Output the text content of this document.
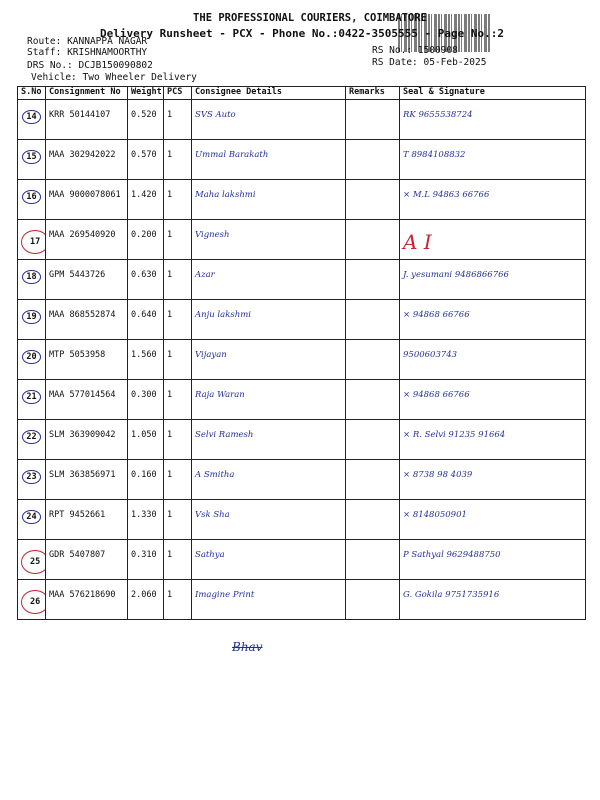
THE PROFESSIONAL COURIERS, COIMBATORE
Delivery Runsheet - PCX - Phone No.:0422-3505555 - Page No.:2
Route: KANNAPPA NAGAR
Staff: KRISHNAMOORTHY
DRS No.: DCJB150090802
Vehicle: Two Wheeler Delivery
RS No.: 1500908
RS Date: 05-Feb-2025
S.No	Consignment No	Weight	PCS	Consignee Details	Remarks	Seal & Signature
14	KRR 50144107	0.520	1	SVS Auto		RK 9655538724
15	MAA 302942022	0.570	1	Ummal Barakath		T 8984108832
16	MAA 9000078061	1.420	1	Maha lakshmi		× M.L 94863 66766
17	MAA 269540920	0.200	1	Vignesh		A I
18	GPM 5443726	0.630	1	Azar		J. yesumani 9486866766
19	MAA 868552874	0.640	1	Anju lakshmi		× 94868 66766
20	MTP 5053958	1.560	1	Vijayan		9500603743
21	MAA 577014564	0.300	1	Raja Waran		× 94868 66766
22	SLM 363909042	1.050	1	Selvi Ramesh		× R. Selvi 91235 91664
23	SLM 363856971	0.160	1	A Smitha		× 8738 98 4039
24	RPT 9452661	1.330	1	Vsk Sha		× 8148050901
25	GDR 5407807	0.310	1	Sathya		P Sathyal 9629488750
26	MAA 576218690	2.060	1	Imagine Print		G. Gokila 9751735916
Bhav
